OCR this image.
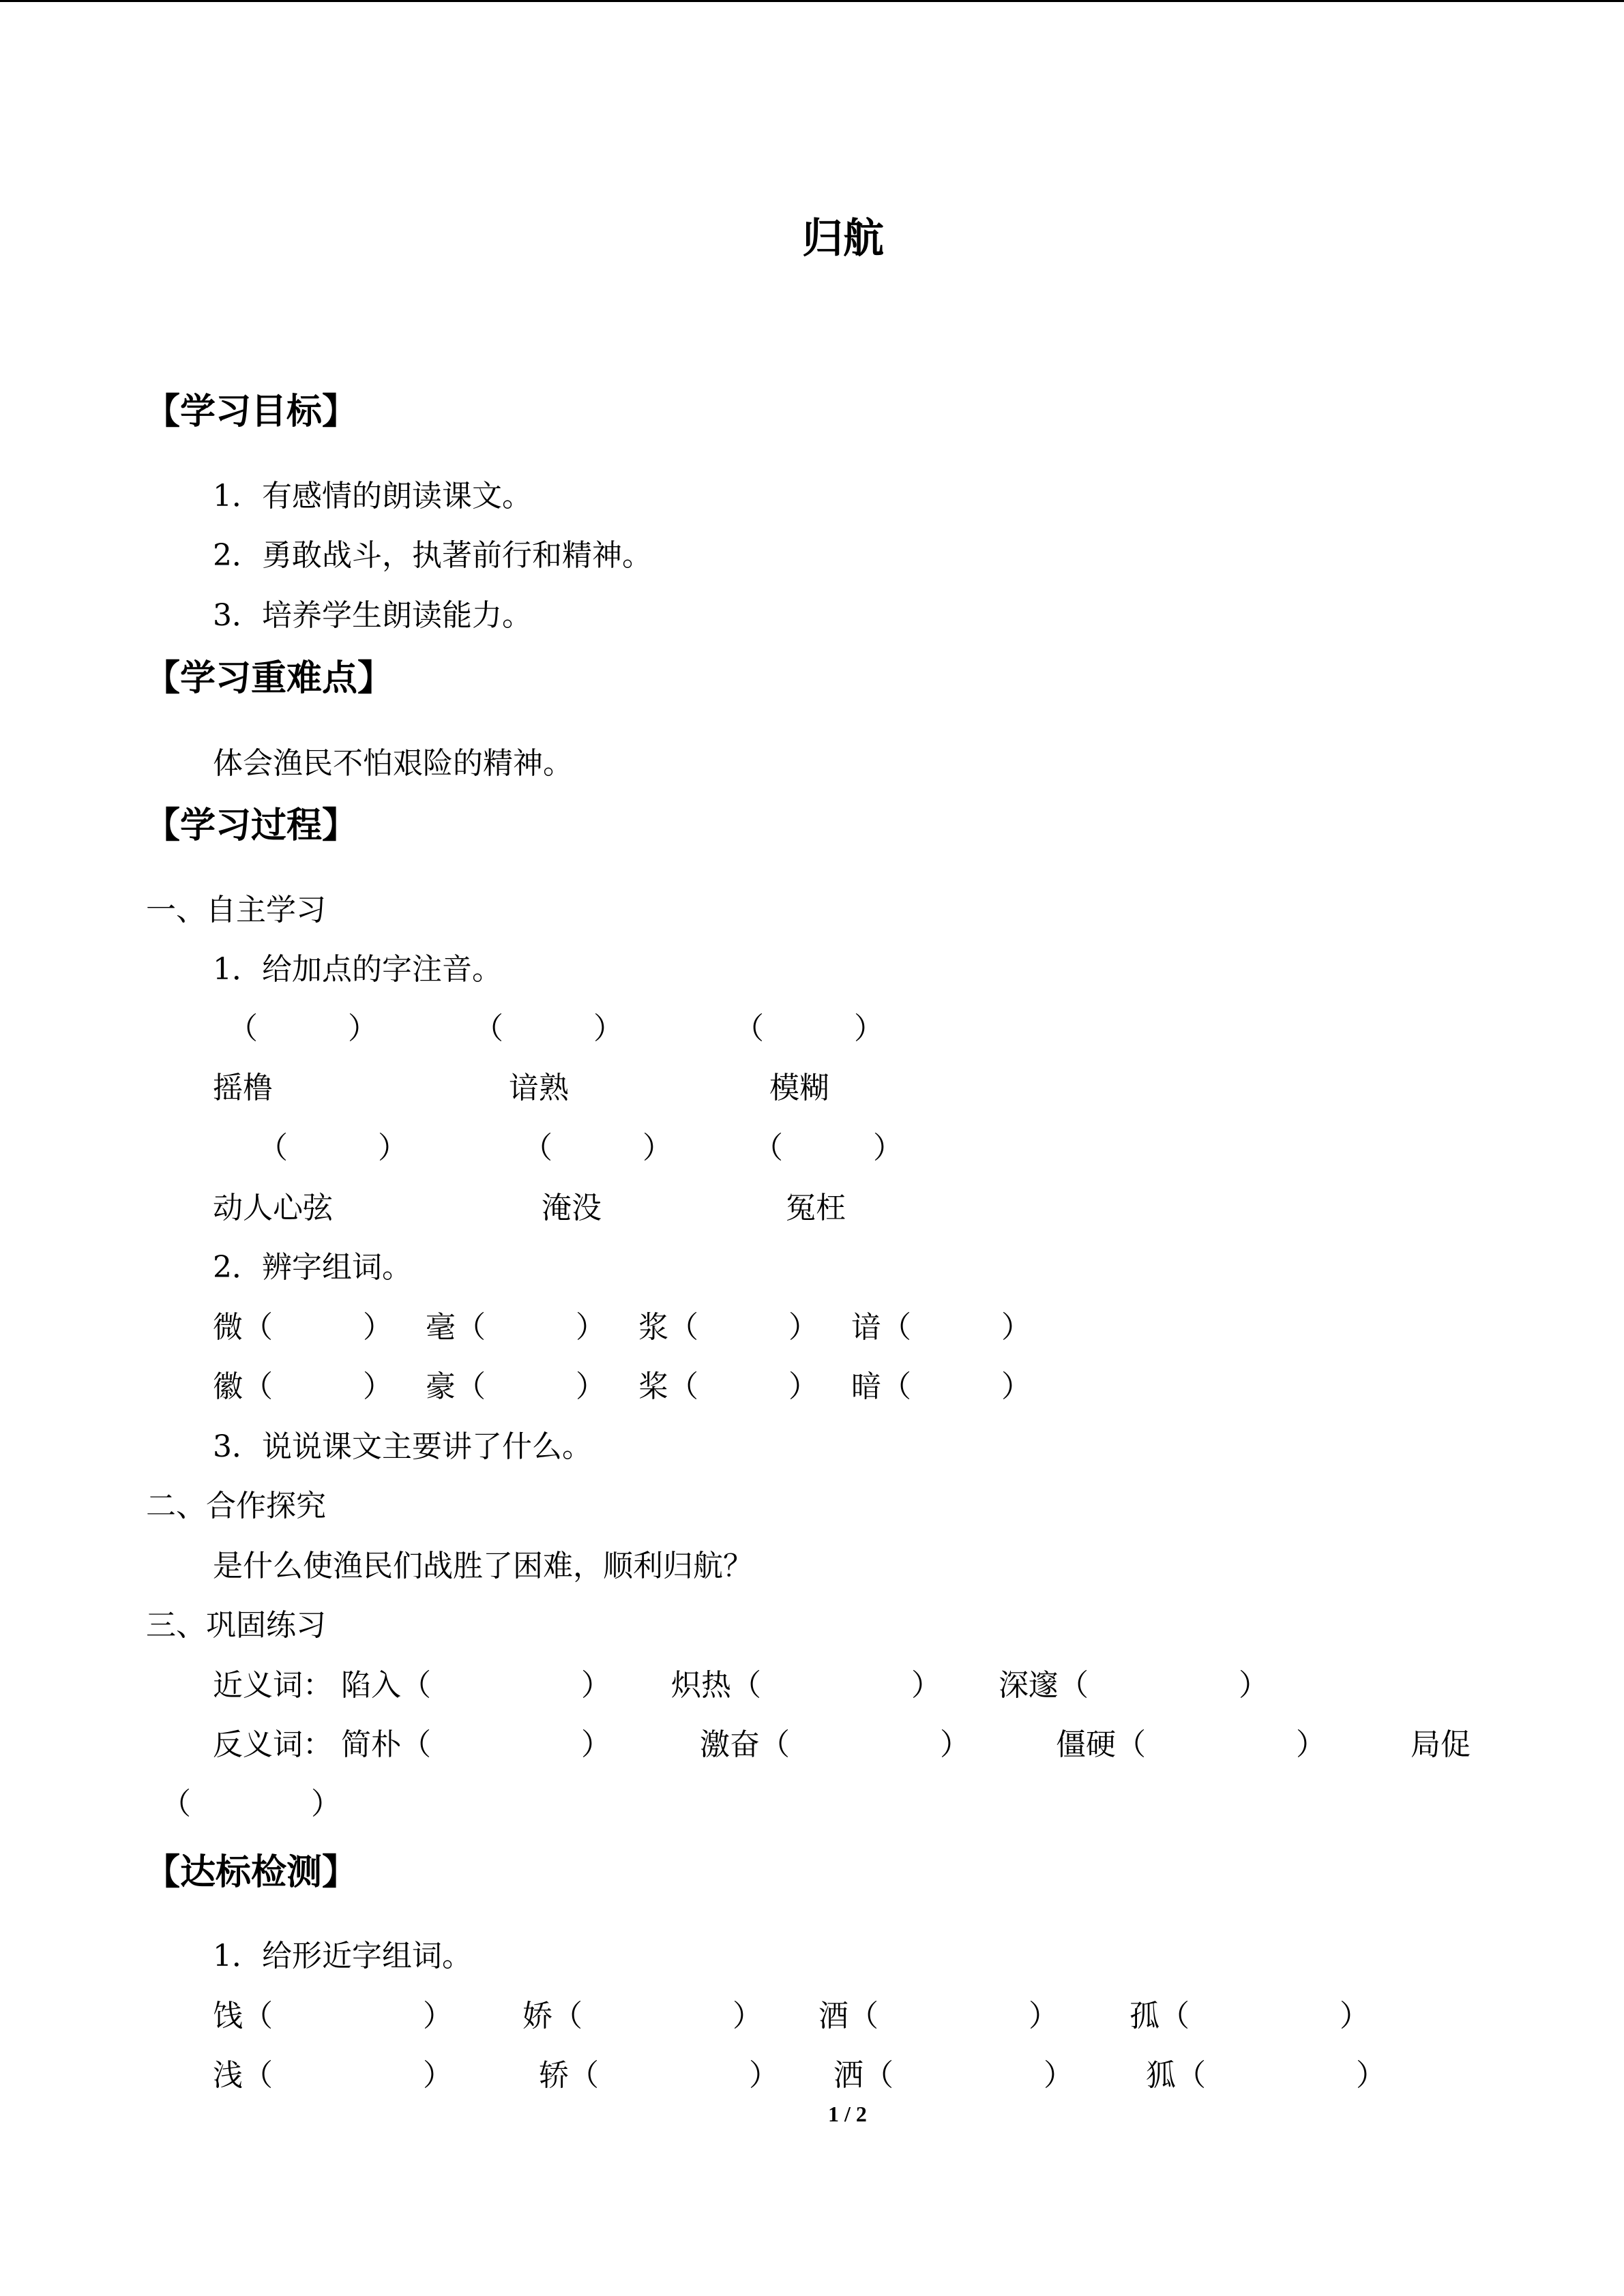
归航
【学习目标】
1．有感情的朗读课文。
2．勇敢战斗，执著前行和精神。
3．培养学生朗读能力。
【学习重难点】
体会渔民不怕艰险的精神。
【学习过程】
一、自主学习
1．给加点的字注音。
（　　　）	（　　　）	（　　　）
摇橹	谙熟	模糊
（　　　）	（　　　）	（　　　）
动人心弦	淹没	冤枉
2．辨字组词。
微（　　　） 毫（　　　） 浆（　　　） 谙（　　　）
徽（　　　） 豪（　　　） 桨（　　　） 暗（　　　）
3．说说课文主要讲了什么。
二、合作探究
是什么使渔民们战胜了困难，顺利归航？
三、巩固练习
近义词： 陷入（　　　　　） 炽热（　　　　　） 深邃（　　　　　）
反义词： 简朴（　　　　　）	激奋（　　　　　）	僵硬（　　　　　）	局促
（　　　　）
【达标检测】
1．给形近字组词。
饯（　　　　　） 娇（　　　　　） 酒（　　　　　） 孤（　　　　　）
浅（　　　　　）	轿（　　　　　） 洒（　　　　　） 狐（　　　　　）
1 / 2
